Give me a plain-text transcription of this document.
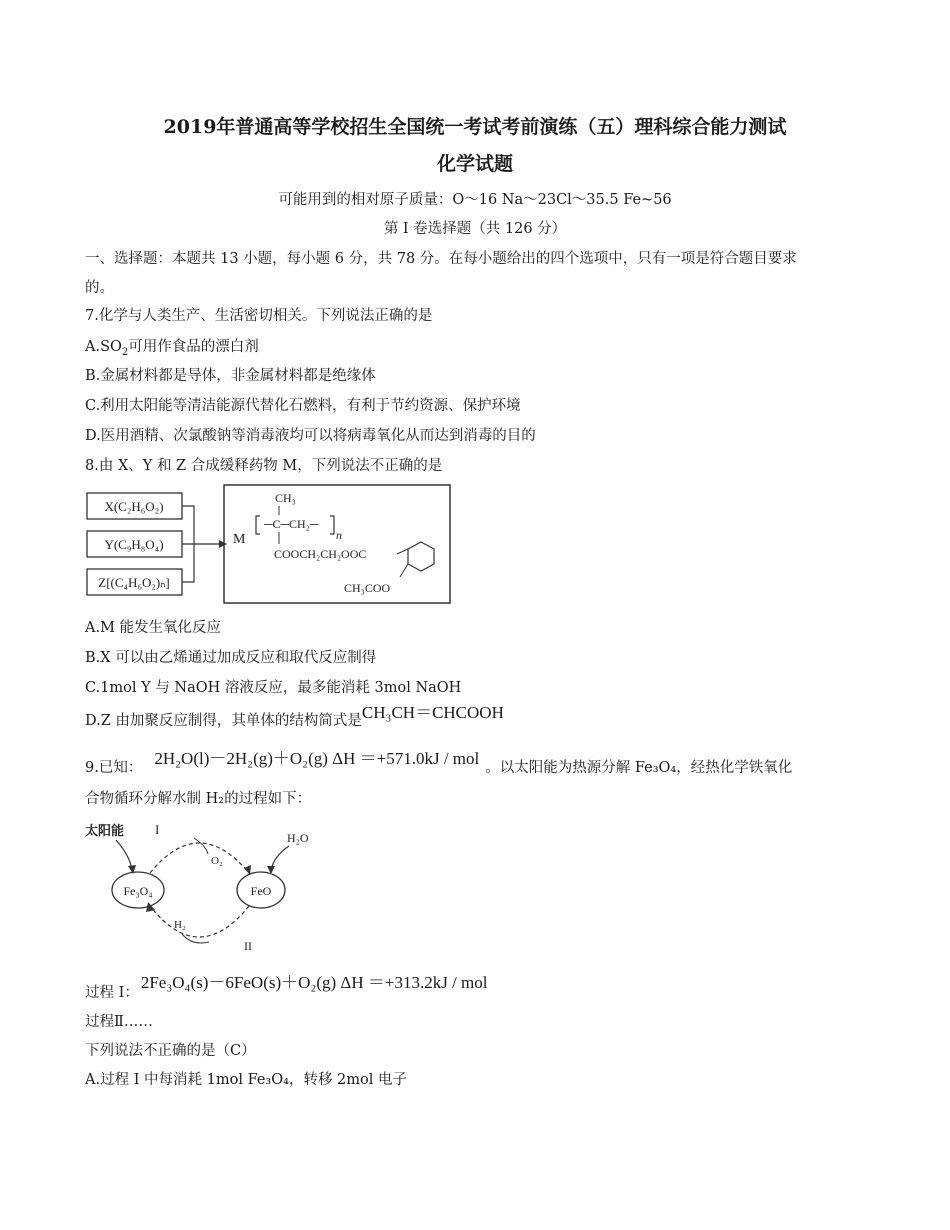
2019年普通高等学校招生全国统一考试考前演练（五）理科综合能力测试
化学试题
可能用到的相对原子质量：O～16 Na～23Cl～35.5 Fe~56
第 I 卷选择题（共 126 分）
一、选择题：本题共 13 小题，每小题 6 分，共 78 分。在每小题给出的四个选项中，只有一项是符合题目要求
的。
7.化学与人类生产、生活密切相关。下列说法正确的是
$A.SO_2$可用作食品的漂白剂
B.金属材料都是导体，非金属材料都是绝缘体
C.利用太阳能等清洁能源代替化石燃料，有利于节约资源、保护环境
D.医用酒精、次氯酸钠等消毒液均可以将病毒氧化从而达到消毒的目的
8.由 X、Y 和 Z 合成缓释药物 M，下列说法不正确的是
X(C₂H₆O₂)
Y(C₉H₈O₄)
Z[(C₄H₆O₂)ₙ]
M
CH₃
─C─CH₂─
n
COOCH₂CH₂OOC
CH₃COO
A.M 能发生氧化反应
B.X 可以由乙烯通过加成反应和取代反应制得
C.1mol Y 与 NaOH 溶液反应，最多能消耗 3mol NaOH
D.Z 由加聚反应制得，其单体的结构简式是CH₃CH＝CHCOOH
9.已知： 2H₂O(l)－2H₂(g)＋O₂(g) ΔH ＝+571.0kJ / mol 。以太阳能为热源分解 Fe₃O₄，经热化学铁氧化
合物循环分解水制 H₂的过程如下：
太阳能
Fe₃O₄	FeO
I
O₂
H₂O
H₂
II
过程 I：2Fe₃O₄(s)－6FeO(s)＋O₂(g) ΔH ＝+313.2kJ / mol
过程Ⅱ……
下列说法不正确的是（C）
A.过程 I 中每消耗 1mol Fe₃O₄，转移 2mol 电子
